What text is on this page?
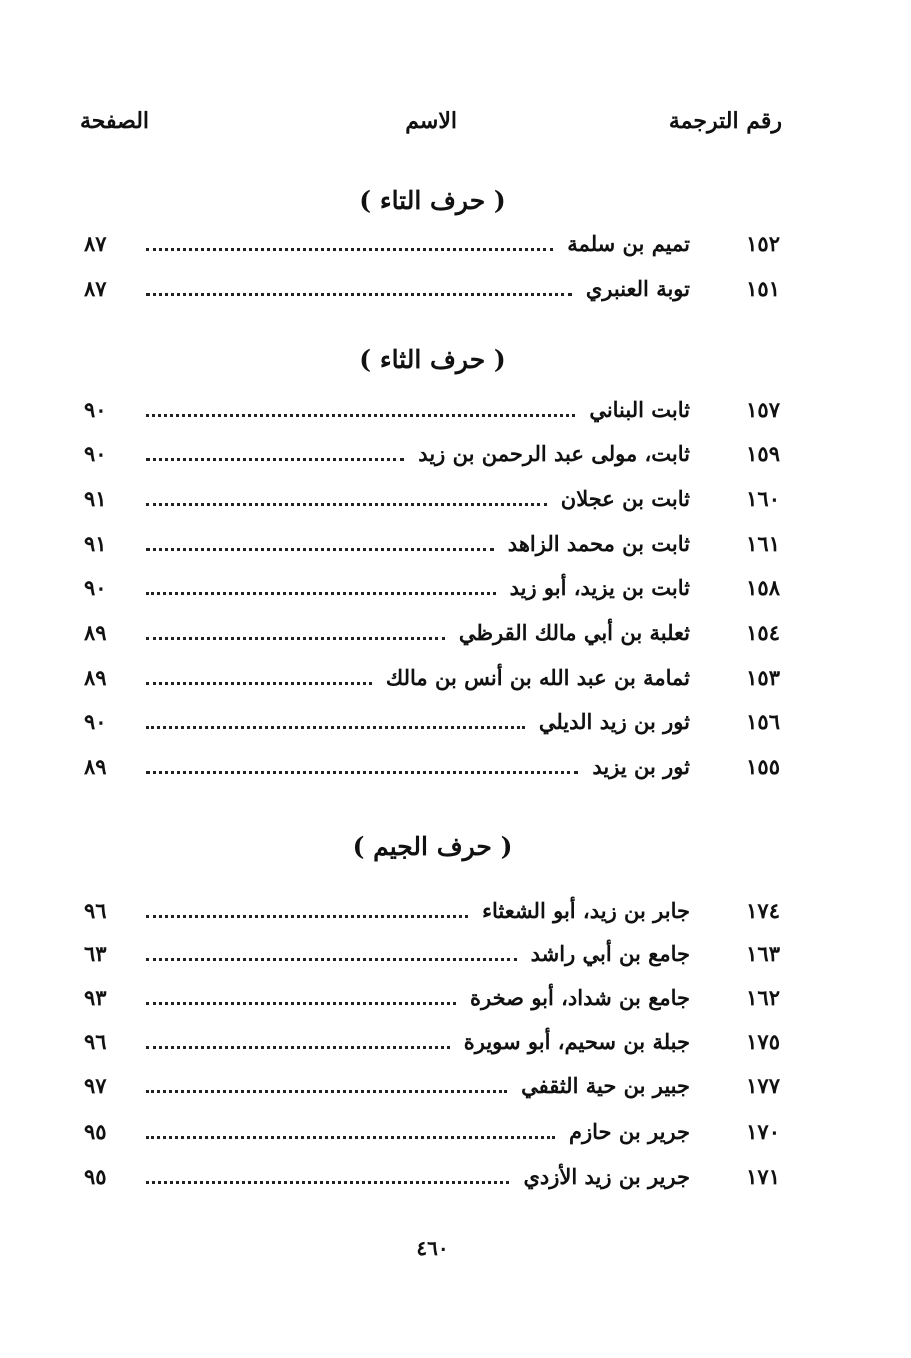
رقم الترجمة
الاسم
الصفحة
( حرف التاء )
١٥٢
تميم بن سلمة
٨٧
١٥١
توبة العنبري
٨٧
( حرف الثاء )
١٥٧
ثابت البناني
٩٠
١٥٩
ثابت، مولى عبد الرحمن بن زيد
٩٠
١٦٠
ثابت بن عجلان
٩١
١٦١
ثابت بن محمد الزاهد
٩١
١٥٨
ثابت بن يزيد، أبو زيد
٩٠
١٥٤
ثعلبة بن أبي مالك القرظي
٨٩
١٥٣
ثمامة بن عبد الله بن أنس بن مالك
٨٩
١٥٦
ثور بن زيد الديلي
٩٠
١٥٥
ثور بن يزيد
٨٩
( حرف الجيم )
١٧٤
جابر بن زيد، أبو الشعثاء
٩٦
١٦٣
جامع بن أبي راشد
٦٣
١٦٢
جامع بن شداد، أبو صخرة
٩٣
١٧٥
جبلة بن سحيم، أبو سويرة
٩٦
١٧٧
جبير بن حية الثقفي
٩٧
١٧٠
جرير بن حازم
٩٥
١٧١
جرير بن زيد الأزدي
٩٥
٤٦٠
